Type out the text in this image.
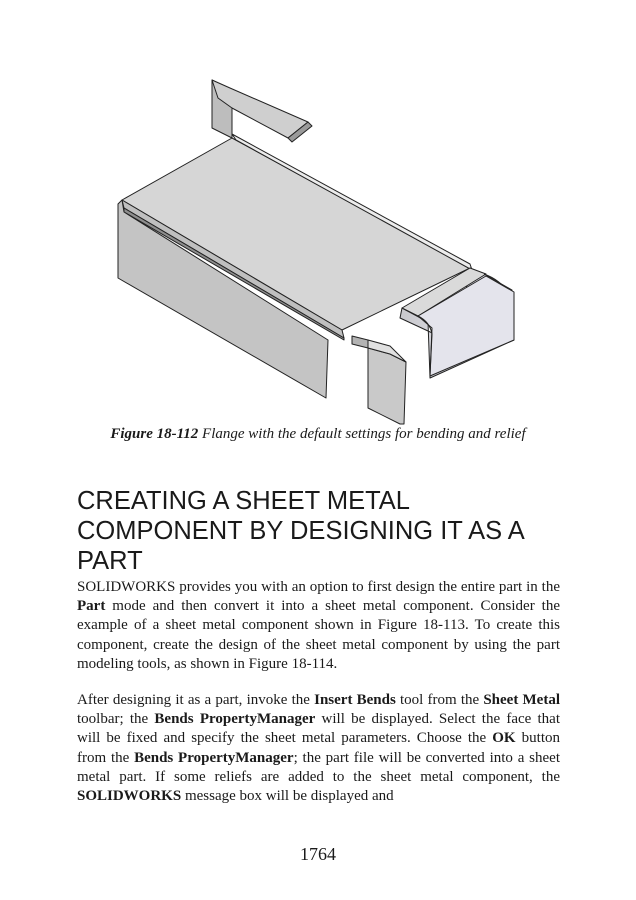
Figure 18-112 Flange with the default settings for bending and relief
CREATING A SHEET METAL COMPONENT BY DESIGNING IT AS A PART

SOLIDWORKS provides you with an option to first design the entire part in the Part mode and then convert it into a sheet metal component. Consider the example of a sheet metal component shown in Figure 18-113. To create this component, create the design of the sheet metal component by using the part modeling tools, as shown in Figure 18-114.

After designing it as a part, invoke the Insert Bends tool from the Sheet Metal toolbar; the Bends PropertyManager will be displayed. Select the face that will be fixed and specify the sheet metal parameters. Choose the OK button from the Bends PropertyManager; the part file will be converted into a sheet metal part. If some reliefs are added to the sheet metal component, the SOLIDWORKS message box will be displayed and

1764
